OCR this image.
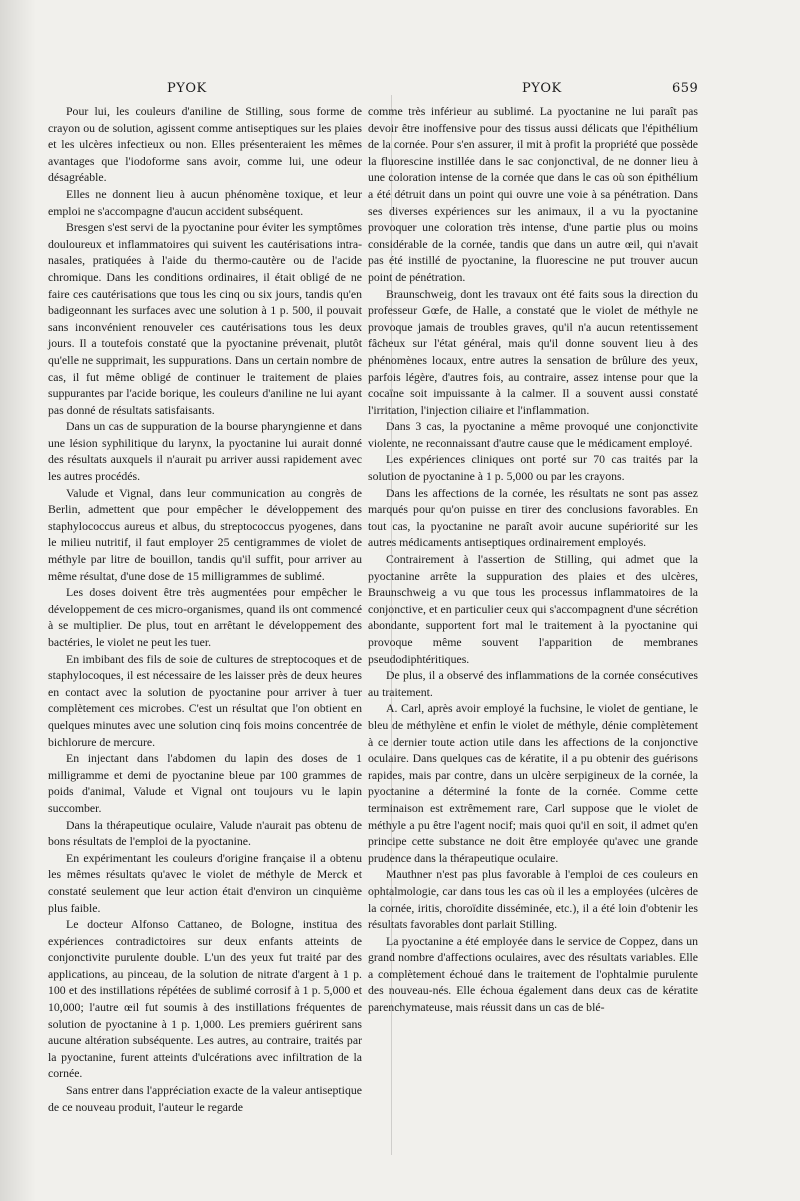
PYOK	PYOK	659

Pour lui, les couleurs d'aniline de Stilling, sous forme de crayon ou de solution, agissent comme antiseptiques sur les plaies et les ulcères infectieux ou non. Elles présenteraient les mêmes avantages que l'iodoforme sans avoir, comme lui, une odeur désagréable.

Elles ne donnent lieu à aucun phénomène toxique, et leur emploi ne s'accompagne d'aucun accident subséquent.

Bresgen s'est servi de la pyoctanine pour éviter les symptômes douloureux et inflammatoires qui suivent les cautérisations intra-nasales, pratiquées à l'aide du thermo-cautère ou de l'acide chromique. Dans les conditions ordinaires, il était obligé de ne faire ces cautérisations que tous les cinq ou six jours, tandis qu'en badigeonnant les surfaces avec une solution à 1 p. 500, il pouvait sans inconvénient renouveler ces cautérisations tous les deux jours. Il a toutefois constaté que la pyoctanine prévenait, plutôt qu'elle ne supprimait, les suppurations. Dans un certain nombre de cas, il fut même obligé de continuer le traitement de plaies suppurantes par l'acide borique, les couleurs d'aniline ne lui ayant pas donné de résultats satisfaisants.

Dans un cas de suppuration de la bourse pharyngienne et dans une lésion syphilitique du larynx, la pyoctanine lui aurait donné des résultats auxquels il n'aurait pu arriver aussi rapidement avec les autres procédés.

Valude et Vignal, dans leur communication au congrès de Berlin, admettent que pour empêcher le développement des staphylococcus aureus et albus, du streptococcus pyogenes, dans le milieu nutritif, il faut employer 25 centigrammes de violet de méthyle par litre de bouillon, tandis qu'il suffit, pour arriver au même résultat, d'une dose de 15 milligrammes de sublimé.

Les doses doivent être très augmentées pour empêcher le développement de ces micro-organismes, quand ils ont commencé à se multiplier. De plus, tout en arrêtant le développement des bactéries, le violet ne peut les tuer.

En imbibant des fils de soie de cultures de streptocoques et de staphylocoques, il est nécessaire de les laisser près de deux heures en contact avec la solution de pyoctanine pour arriver à tuer complètement ces microbes. C'est un résultat que l'on obtient en quelques minutes avec une solution cinq fois moins concentrée de bichlorure de mercure.

En injectant dans l'abdomen du lapin des doses de 1 milligramme et demi de pyoctanine bleue par 100 grammes de poids d'animal, Valude et Vignal ont toujours vu le lapin succomber.

Dans la thérapeutique oculaire, Valude n'aurait pas obtenu de bons résultats de l'emploi de la pyoctanine.

En expérimentant les couleurs d'origine française il a obtenu les mêmes résultats qu'avec le violet de méthyle de Merck et constaté seulement que leur action était d'environ un cinquième plus faible.

Le docteur Alfonso Cattaneo, de Bologne, institua des expériences contradictoires sur deux enfants atteints de conjonctivite purulente double. L'un des yeux fut traité par des applications, au pinceau, de la solution de nitrate d'argent à 1 p. 100 et des instillations répétées de sublimé corrosif à 1 p. 5,000 et 10,000; l'autre œil fut soumis à des instillations fréquentes de solution de pyoctanine à 1 p. 1,000. Les premiers guérirent sans aucune altération subséquente. Les autres, au contraire, traités par la pyoctanine, furent atteints d'ulcérations avec infiltration de la cornée.

Sans entrer dans l'appréciation exacte de la valeur antiseptique de ce nouveau produit, l'auteur le regarde

comme très inférieur au sublimé. La pyoctanine ne lui paraît pas devoir être inoffensive pour des tissus aussi délicats que l'épithélium de la cornée. Pour s'en assurer, il mit à profit la propriété que possède la fluorescine instillée dans le sac conjonctival, de ne donner lieu à une coloration intense de la cornée que dans le cas où son épithélium a été détruit dans un point qui ouvre une voie à sa pénétration. Dans ses diverses expériences sur les animaux, il a vu la pyoctanine provoquer une coloration très intense, d'une partie plus ou moins considérable de la cornée, tandis que dans un autre œil, qui n'avait pas été instillé de pyoctanine, la fluorescine ne put trouver aucun point de pénétration.

Braunschweig, dont les travaux ont été faits sous la direction du professeur Gœfe, de Halle, a constaté que le violet de méthyle ne provoque jamais de troubles graves, qu'il n'a aucun retentissement fâcheux sur l'état général, mais qu'il donne souvent lieu à des phénomènes locaux, entre autres la sensation de brûlure des yeux, parfois légère, d'autres fois, au contraire, assez intense pour que la cocaïne soit impuissante à la calmer. Il a souvent aussi constaté l'irritation, l'injection ciliaire et l'inflammation.

Dans 3 cas, la pyoctanine a même provoqué une conjonctivite violente, ne reconnaissant d'autre cause que le médicament employé.

Les expériences cliniques ont porté sur 70 cas traités par la solution de pyoctanine à 1 p. 5,000 ou par les crayons.

Dans les affections de la cornée, les résultats ne sont pas assez marqués pour qu'on puisse en tirer des conclusions favorables. En tout cas, la pyoctanine ne paraît avoir aucune supériorité sur les autres médicaments antiseptiques ordinairement employés.

Contrairement à l'assertion de Stilling, qui admet que la pyoctanine arrête la suppuration des plaies et des ulcères, Braunschweig a vu que tous les processus inflammatoires de la conjonctive, et en particulier ceux qui s'accompagnent d'une sécrétion abondante, supportent fort mal le traitement à la pyoctanine qui provoque même souvent l'apparition de membranes pseudodiphtéritiques.

De plus, il a observé des inflammations de la cornée consécutives au traitement.

A. Carl, après avoir employé la fuchsine, le violet de gentiane, le bleu de méthylène et enfin le violet de méthyle, dénie complètement à ce dernier toute action utile dans les affections de la conjonctive oculaire. Dans quelques cas de kératite, il a pu obtenir des guérisons rapides, mais par contre, dans un ulcère serpigineux de la cornée, la pyoctanine a déterminé la fonte de la cornée. Comme cette terminaison est extrêmement rare, Carl suppose que le violet de méthyle a pu être l'agent nocif; mais quoi qu'il en soit, il admet qu'en principe cette substance ne doit être employée qu'avec une grande prudence dans la thérapeutique oculaire.

Mauthner n'est pas plus favorable à l'emploi de ces couleurs en ophtalmologie, car dans tous les cas où il les a employées (ulcères de la cornée, iritis, choroïdite disséminée, etc.), il a été loin d'obtenir les résultats favorables dont parlait Stilling.

La pyoctanine a été employée dans le service de Coppez, dans un grand nombre d'affections oculaires, avec des résultats variables. Elle a complètement échoué dans le traitement de l'ophtalmie purulente des nouveau-nés. Elle échoua également dans deux cas de kératite parenchymateuse, mais réussit dans un cas de blé-
